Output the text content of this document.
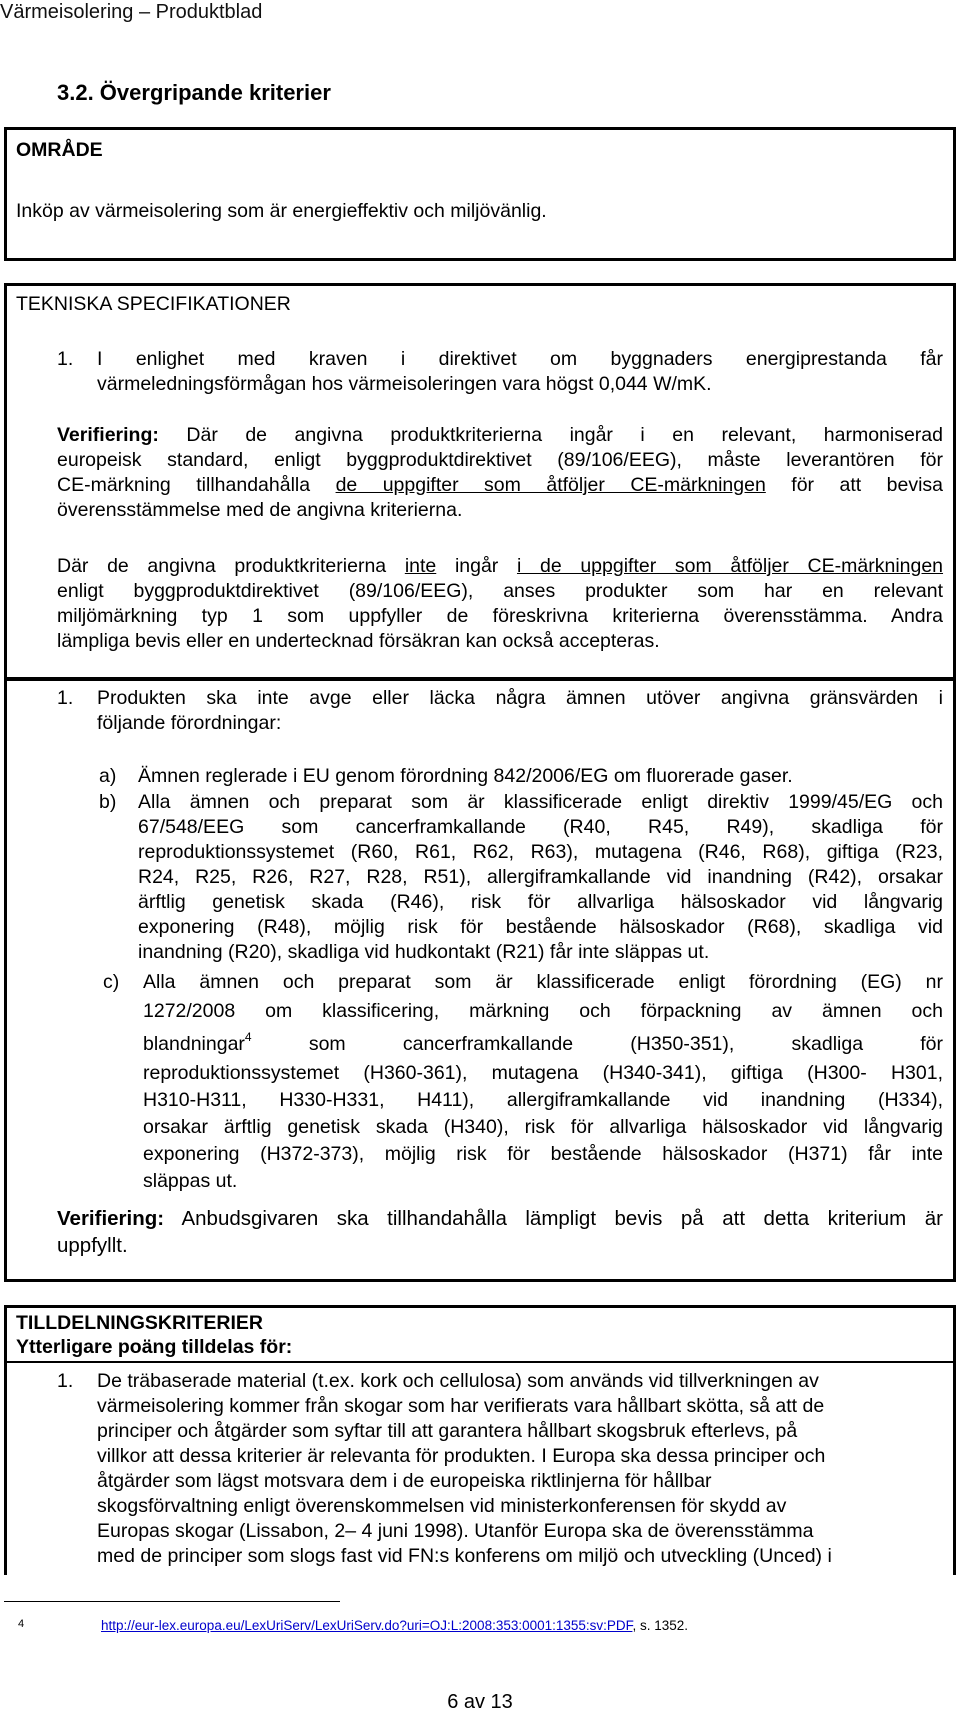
Värmeisolering – Produktblad
3.2. Övergripande kriterier
OMRÅDE
Inköp av värmeisolering som är energieffektiv och miljövänlig.
TEKNISKA SPECIFIKATIONER
1. I enlighet med kraven i direktivet om byggnaders energiprestanda får
värmeledningsförmågan hos värmeisoleringen vara högst 0,044 W/mK.
Verifiering: Där de angivna produktkriterierna ingår i en relevant, harmoniserad
europeisk standard, enligt byggproduktdirektivet (89/106/EEG), måste leverantören för
CE-märkning tillhandahålla de uppgifter som åtföljer CE-märkningen för att bevisa
överensstämmelse med de angivna kriterierna.
Där de angivna produktkriterierna inte ingår i de uppgifter som åtföljer CE-märkningen
enligt byggproduktdirektivet (89/106/EEG), anses produkter som har en relevant
miljömärkning typ 1 som uppfyller de föreskrivna kriterierna överensstämma. Andra
lämpliga bevis eller en undertecknad försäkran kan också accepteras.
1. Produkten ska inte avge eller läcka några ämnen utöver angivna gränsvärden i
följande förordningar:
a) Ämnen reglerade i EU genom förordning 842/2006/EG om fluorerade gaser.
b) Alla ämnen och preparat som är klassificerade enligt direktiv 1999/45/EG och
67/548/EEG som cancerframkallande (R40, R45, R49), skadliga för
reproduktionssystemet (R60, R61, R62, R63), mutagena (R46, R68), giftiga (R23,
R24, R25, R26, R27, R28, R51), allergiframkallande vid inandning (R42), orsakar
ärftlig genetisk skada (R46), risk för allvarliga hälsoskador vid långvarig
exponering (R48), möjlig risk för bestående hälsoskador (R68), skadliga vid
inandning (R20), skadliga vid hudkontakt (R21) får inte släppas ut.
c) Alla ämnen och preparat som är klassificerade enligt förordning (EG) nr
1272/2008 om klassificering, märkning och förpackning av ämnen och
blandningar$^4$	som cancerframkallande (H350-351), skadliga för
reproduktionssystemet (H360-361), mutagena (H340-341), giftiga (H300- H301,
H310-H311, H330-H331, H411), allergiframkallande vid inandning (H334),
orsakar ärftlig genetisk skada (H340), risk för allvarliga hälsoskador vid långvarig
exponering (H372-373), möjlig risk för bestående hälsoskador (H371) får inte
släppas ut.
Verifiering: Anbudsgivaren ska tillhandahålla lämpligt bevis på att detta kriterium är
uppfyllt.
TILLDELNINGSKRITERIER
Ytterligare poäng tilldelas för:
1. De träbaserade material (t.ex. kork och cellulosa) som används vid tillverkningen av
värmeisolering kommer från skogar som har verifierats vara hållbart skötta, så att de
principer och åtgärder som syftar till att garantera hållbart skogsbruk efterlevs, på
villkor att dessa kriterier är relevanta för produkten. I Europa ska dessa principer och
åtgärder som lägst motsvara dem i de europeiska riktlinjerna för hållbar
skogsförvaltning enligt överenskommelsen vid ministerkonferensen för skydd av
Europas skogar (Lissabon, 2– 4 juni 1998). Utanför Europa ska de överensstämma
med de principer som slogs fast vid FN:s konferens om miljö och utveckling (Unced) i
4	http://eur-lex.europa.eu/LexUriServ/LexUriServ.do?uri=OJ:L:2008:353:0001:1355:sv:PDF, s. 1352.
6 av 13
